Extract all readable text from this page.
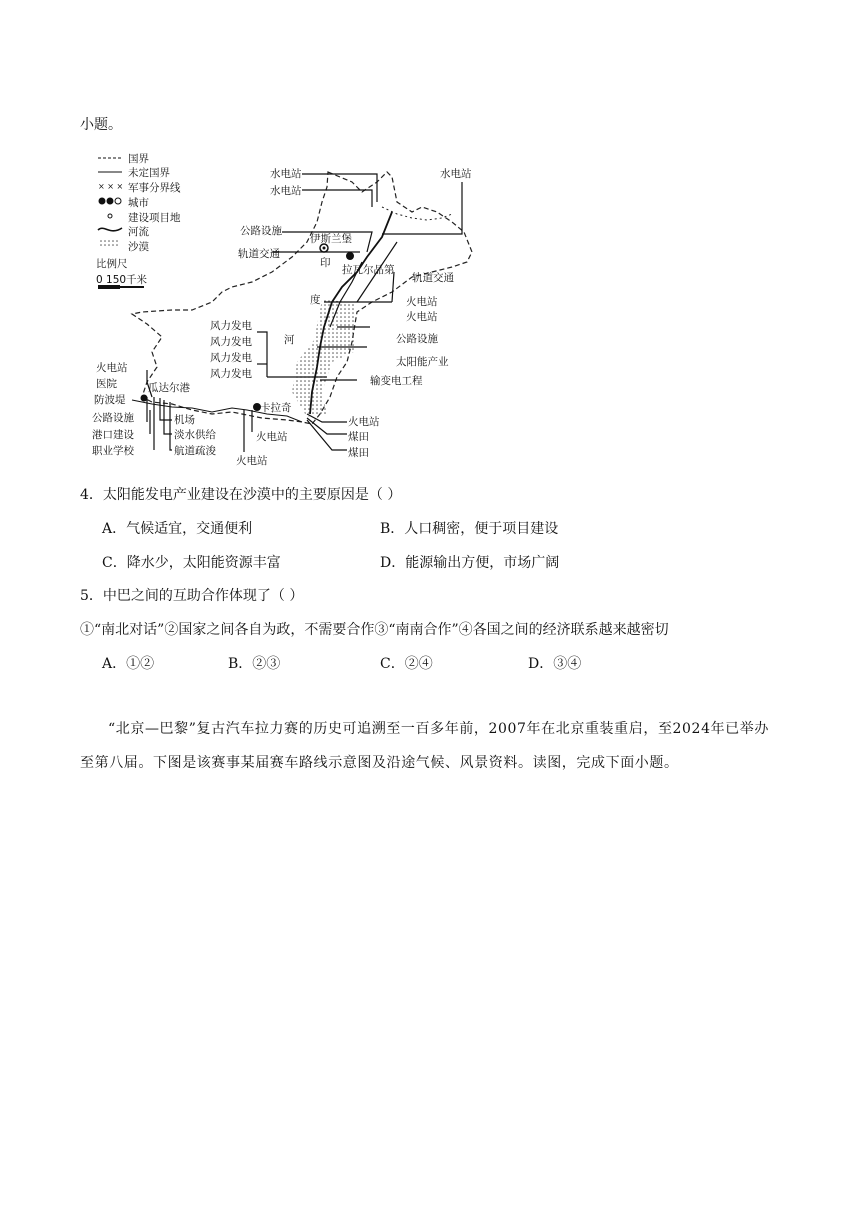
小题。
× × ×
国界
未定国界
军事分界线
城市
建设项目地
河流
沙漠
比例尺
0 150千米
水电站
水电站
水电站
公路设施
伊斯兰堡
轨道交通
印
拉瓦尔品第
轨道交通
度	火电站
火电站
风力发电
风力发电
风力发电
风力发电
公路设施
河
太阳能产业
输变电工程
火电站
医院	瓜达尔港
防波堤
机场
公路设施
淡水供给
港口建设
职业学校	航道疏浚
卡拉奇
火电站
火电站
火电站
煤田
煤田
4．太阳能发电产业建设在沙漠中的主要原因是（ ）
A．气候适宜，交通便利	B．人口稠密，便于项目建设
C．降水少，太阳能资源丰富	D．能源输出方便，市场广阔
5．中巴之间的互助合作体现了（ ）
①“南北对话”②国家之间各自为政，不需要合作③“南南合作”④各国之间的经济联系越来越密切
A．①②	B．②③	C．②④	D．③④
“北京—巴黎”复古汽车拉力赛的历史可追溯至一百多年前，2007年在北京重装重启，至2024年已举办至第八届。下图是该赛事某届赛车路线示意图及沿途气候、风景资料。读图，完成下面小题。
